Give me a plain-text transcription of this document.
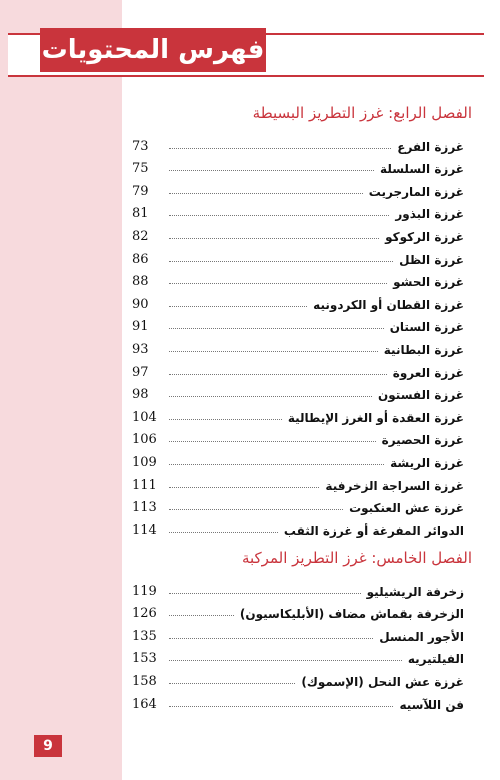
فهرس المحتويات
الفصل الرابع: غرز التطريز البسيطة
غرزة الفرع
73
غرزة السلسلة
75
غرزة المارجريت
79
غرزة البذور
81
غرزة الركوكو
82
غرزة الظل
86
غرزة الحشو
88
غرزة القطان أو الكردونيه
90
غرزة الستان
91
غرزة البطانية
93
غرزة العروة
97
غرزة الفستون
98
غرزة العقدة أو الغرز الإيطالية
104
غرزة الحصيرة
106
غرزة الريشة
109
غرزة السراجة الزخرفية
111
غرزة عش العنكبوت
113
الدوائر المفرغة أو غرزة الثقب
114
الفصل الخامس: غرز التطريز المركبة
زخرفة الريشيليو
119
الزخرفة بقماش مضاف (الأبليكاسيون)
126
الأجور المنسل
135
الفيلتيريه
153
غرزة عش النحل (الإسموك)
158
فن اللآسيه
164
9
